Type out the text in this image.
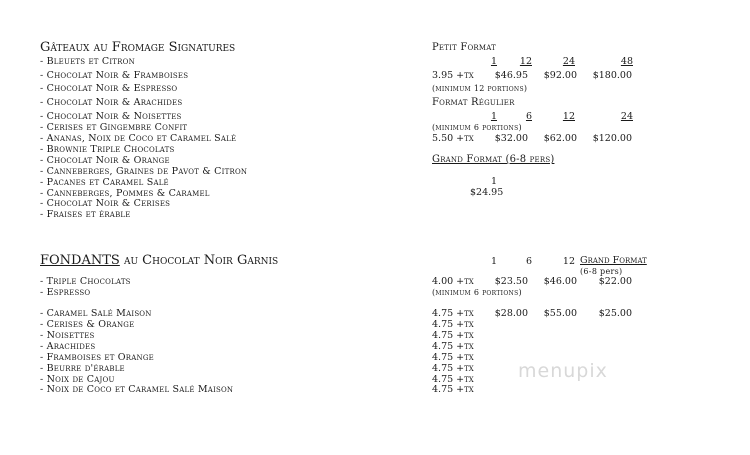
Gâteaux au Fromage Signatures
- Bleuets et Citron
- Chocolat Noir & Framboises
- Chocolat Noir & Espresso
- Chocolat Noir & Arachides
- Chocolat Noir & Noisettes
- Cerises et Gingembre Confit
- Ananas, Noix de Coco et Caramel Salé
- Brownie Triple Chocolats
- Chocolat Noir & Orange
- Canneberges, Graines de Pavot & Citron
- Pacanes et Caramel Salé
- Canneberges, Pommes & Caramel
- Chocolat Noir & Cerises
- Fraises et érable
Petit Format
1	12	24	48
3.95 +tx	$46.95	$92.00	$180.00
(minimum 12 portions)
Format Régulier
1	6	12	24
(minimum 6 portions)
5.50 +tx	$32.00	$62.00	$120.00
Grand Format (6-8 pers)
1
$24.95
FONDANTS au Chocolat Noir Garnis	1	6	12 Grand Format
(6-8 pers)
- Triple Chocolats	4.00 +tx	$23.50	$46.00	$22.00
- Espresso	(minimum 6 portions)
- Caramel Salé Maison	4.75 +tx	$28.00	$55.00	$25.00
- Cerises & Orange	4.75 +tx
- Noisettes	4.75 +tx
- Arachides	4.75 +tx
- Framboises et Orange	4.75 +tx
- Beurre d'érable	4.75 +tx
- Noix de Cajou	4.75 +tx
- Noix de Coco et Caramel Salé Maison	4.75 +tx
menupix
